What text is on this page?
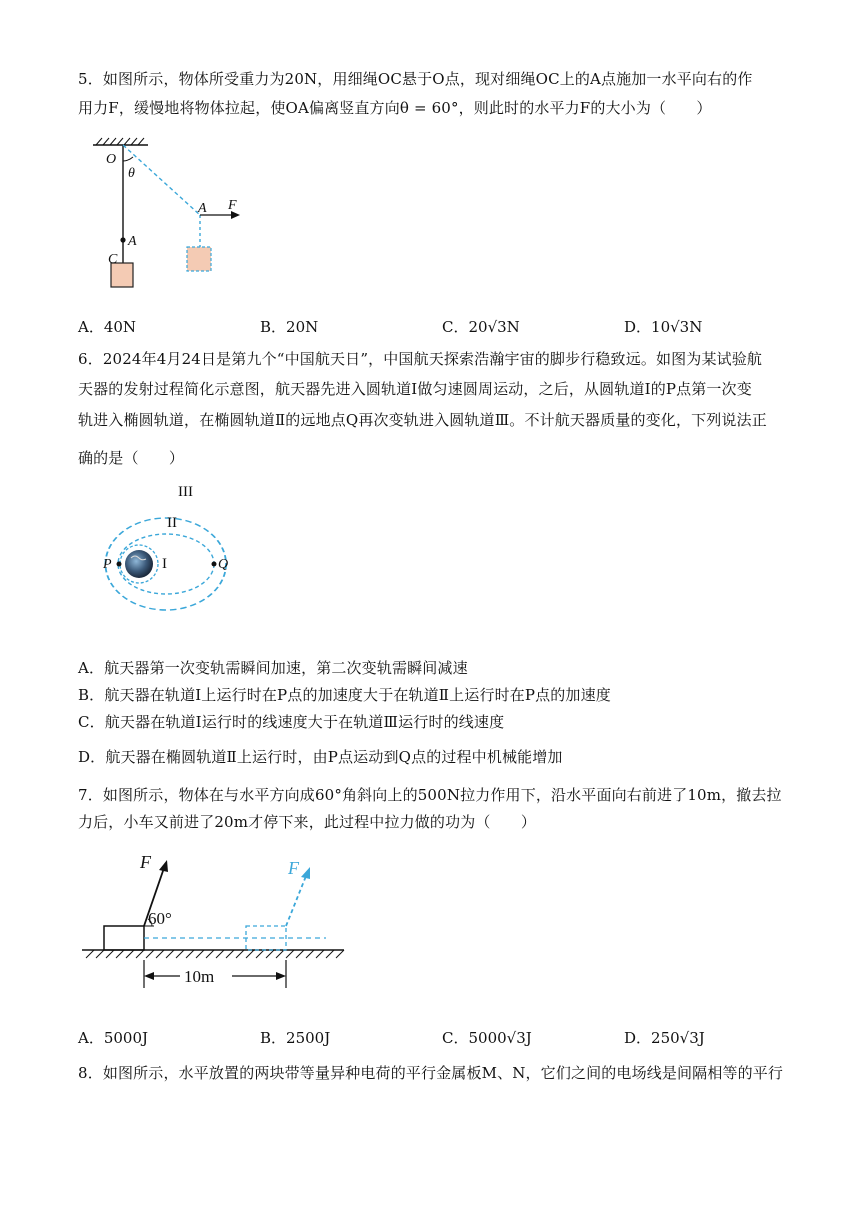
5．如图所示，物体所受重力为20N，用细绳OC悬于O点，现对细绳OC上的A点施加一水平向右的作
用力F，缓慢地将物体拉起，使OA偏离竖直方向θ = 60°，则此时的水平力F的大小为（　　）
O
θ
A
C
A F
A．40N	B．20N	C．20√3N	D．10√3N
6．2024年4月24日是第九个“中国航天日”，中国航天探索浩瀚宇宙的脚步行稳致远。如图为某试验航
天器的发射过程简化示意图，航天器先进入圆轨道Ⅰ做匀速圆周运动，之后，从圆轨道Ⅰ的P点第一次变
轨进入椭圆轨道，在椭圆轨道Ⅱ的远地点Q再次变轨进入圆轨道Ⅲ。不计航天器质量的变化，下列说法正
确的是（　　）
III
II
I
P	Q
A．航天器第一次变轨需瞬间加速，第二次变轨需瞬间减速
B．航天器在轨道Ⅰ上运行时在P点的加速度大于在轨道Ⅱ上运行时在P点的加速度
C．航天器在轨道Ⅰ运行时的线速度大于在轨道Ⅲ运行时的线速度
D．航天器在椭圆轨道Ⅱ上运行时，由P点运动到Q点的过程中机械能增加
7．如图所示，物体在与水平方向成60°角斜向上的500N拉力作用下，沿水平面向右前进了10m，撤去拉
力后，小车又前进了20m才停下来，此过程中拉力做的功为（　　）
F	F
60°
10m
A．5000J	B．2500J	C．5000√3J	D．250√3J
8．如图所示，水平放置的两块带等量异种电荷的平行金属板M、N，它们之间的电场线是间隔相等的平行
